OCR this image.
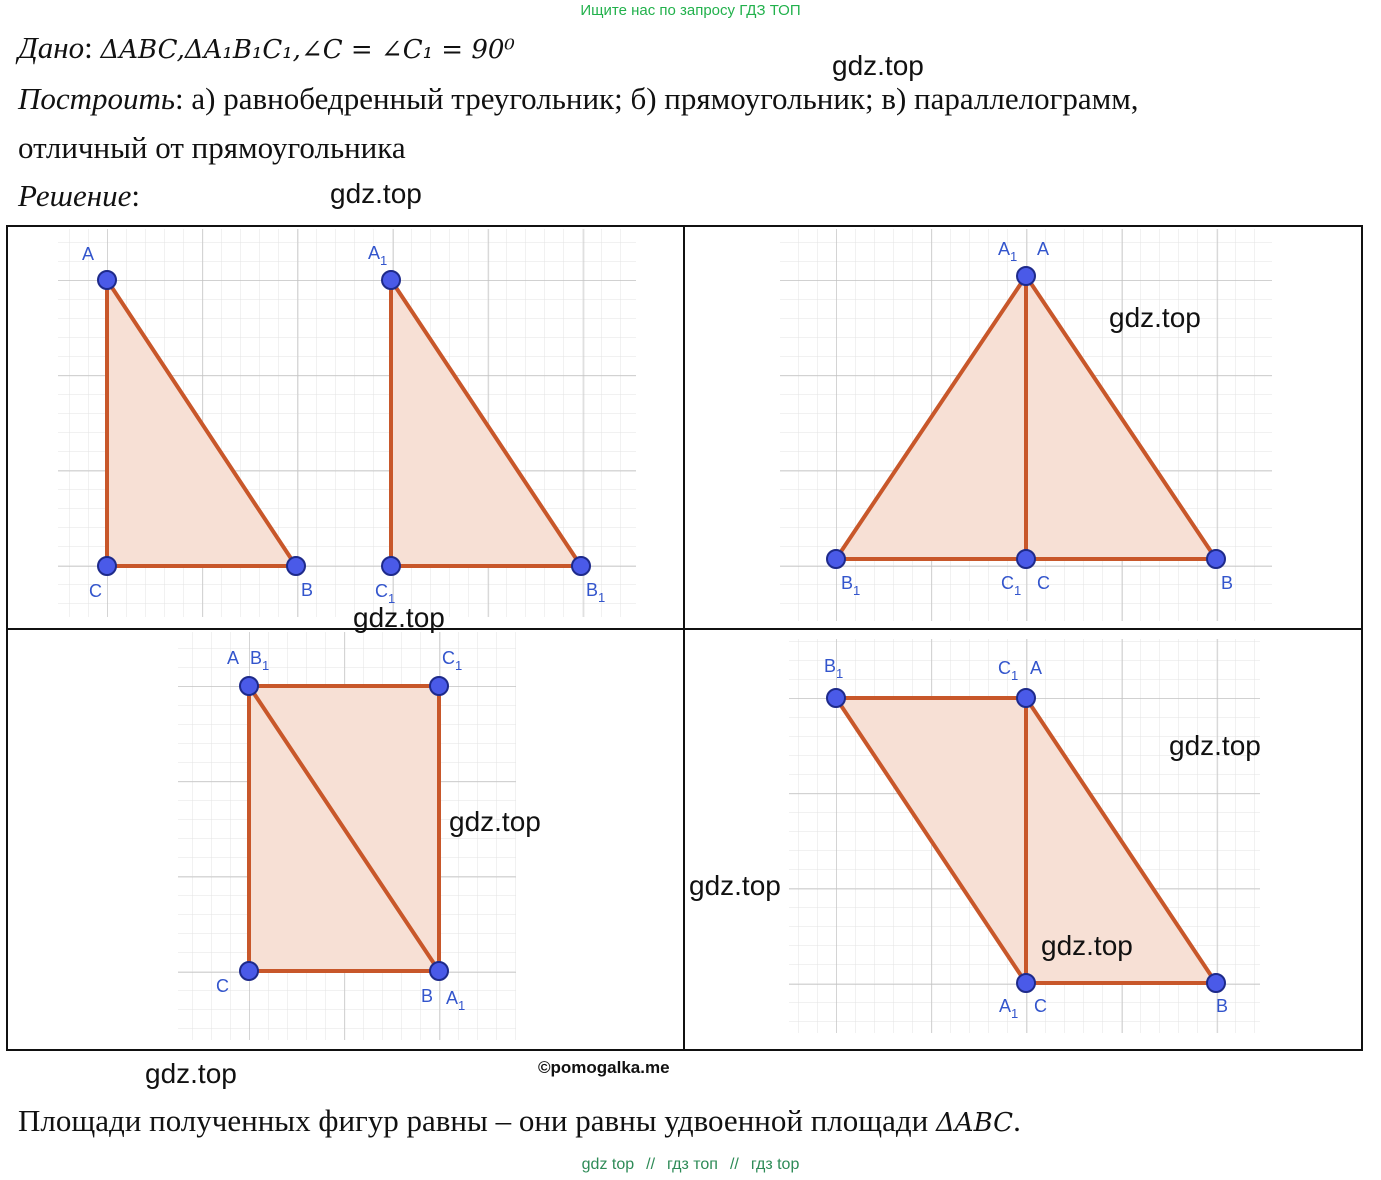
Ищите нас по запросу ГДЗ ТОП
Дано: ΔABC,ΔA₁B₁C₁,∠C = ∠C₁ = 90⁰	gdz.top
Построить: а) равнобедренный треугольник; б) прямоугольник; в) параллелограмм,
отличный от прямоугольника
Решение:	gdz.top
A
C	B
$A_1$
$C_1$	$B_1$
$A_1$ A
$B_1$	$C_1$ C	B
A $B_1$	$C_1$
C	B $A_1$
$B_1$	$C_1$ A
$A_1$ C	B
gdz.top
gdz.top
gdz.top
gdz.top
gdz.top
gdz.top
gdz.top	©pomogalka.me
Площади полученных фигур равны – они равны удвоенной площади ΔABC.
gdz top // гдз топ // гдз top
